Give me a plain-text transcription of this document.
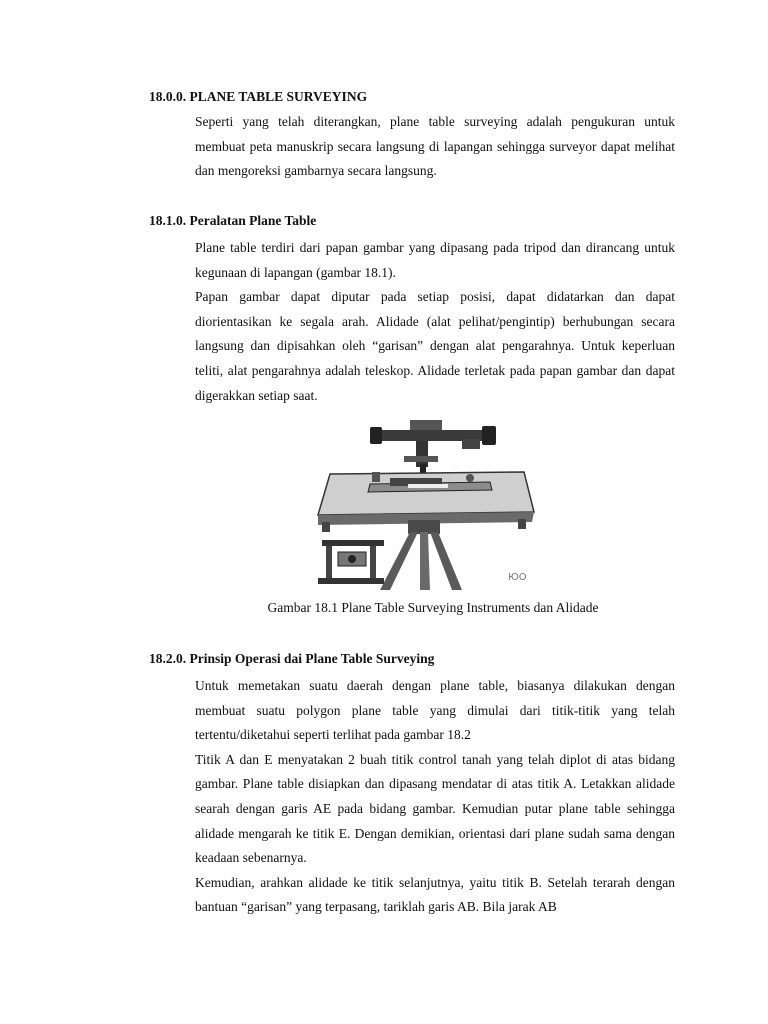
18.0.0. PLANE TABLE SURVEYING

Seperti yang telah diterangkan, plane table surveying adalah pengukuran untuk membuat peta manuskrip secara langsung di lapangan sehingga surveyor dapat melihat dan mengoreksi gambarnya secara langsung.

18.1.0. Peralatan Plane Table

Plane table terdiri dari papan gambar yang dipasang pada tripod dan dirancang untuk kegunaan di lapangan (gambar 18.1).

Papan gambar dapat diputar pada setiap posisi, dapat didatarkan dan dapat diorientasikan ke segala arah. Alidade (alat pelihat/pengintip) berhubungan secara langsung dan dipisahkan oleh “garisan” dengan alat pengarahnya. Untuk keperluan teliti, alat pengarahnya adalah teleskop. Alidade terletak pada papan gambar dan dapat digerakkan setiap saat.

ЮО
Gambar 18.1 Plane Table Surveying Instruments dan Alidade
18.2.0. Prinsip Operasi dai Plane Table Surveying

Untuk memetakan suatu daerah dengan plane table, biasanya dilakukan dengan membuat suatu polygon plane table yang dimulai dari titik-titik yang telah tertentu/diketahui seperti terlihat pada gambar 18.2

Titik A dan E menyatakan 2 buah titik control tanah yang telah diplot di atas bidang gambar. Plane table disiapkan dan dipasang mendatar di atas titik A. Letakkan alidade searah dengan garis AE pada bidang gambar. Kemudian putar plane table sehingga alidade mengarah ke titik E. Dengan demikian, orientasi dari plane sudah sama dengan keadaan sebenarnya.

Kemudian, arahkan alidade ke titik selanjutnya, yaitu titik B. Setelah terarah dengan bantuan “garisan” yang terpasang, tariklah garis AB. Bila jarak AB
